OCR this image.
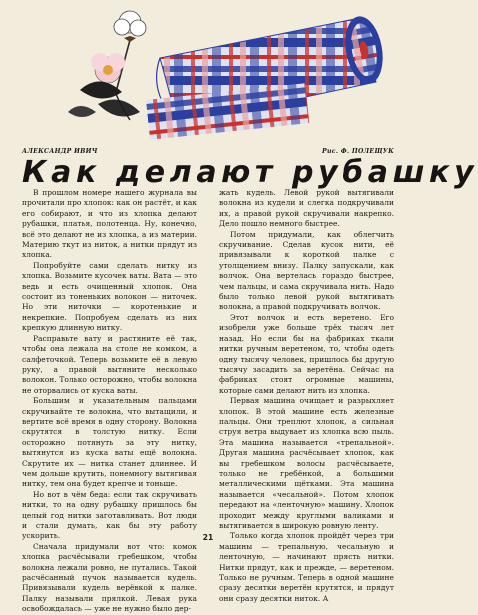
АЛЕКСАНДР ИВИЧ	Рис. Ф. ПОЛЕЩУК
Как делают рубашку

В прошлом номере нашего журнала вы прочитали про хлопок: как он растёт, и как его собирают, и что из хлопка делают рубашки, платья, полотенца. Ну, конечно, всё это делают не из хлопка, а из материи. Материю ткут из ниток, а нитки прядут из хлопка.

Попробуйте сами сделать нитку из хлопка. Возьмите кусочек ваты. Вата — это ведь и есть очищенный хлопок. Она состоит из тоненьких волокон — ниточек. Но эти ниточки — коротенькие и некрепкие. Попробуем сделать из них крепкую длинную нитку.

Расправьте вату и растяните её так, чтобы она лежала на столе не комком, а салфеточкой. Теперь возьмите её в левую руку, а правой вытяните несколько волокон. Только осторожно, чтобы волокна не оторвались от куска ваты.

Большим и указательным пальцами скручивайте те волокна, что вытащили, и вертите всё время в одну сторону. Волокна скрутятся в толстую нитку. Если осторожно потянуть за эту нитку, вытянутся из куска ваты ещё волокна. Скрутите их — нитка станет длиннее. И чем дольше крутить, понемногу вытягивая нитку, тем она будет крепче и тоньше.

Но вот в чём беда: если так скручивать нитки, то на одну рубашку пришлось бы целый год нитки заготавливать. Вот люди и стали думать, как бы эту работу ускорить.

Сначала придумали вот что: комок хлопка расчёсывали гребешком, чтобы волокна лежали ровно, не путались. Такой расчёсанный пучок называется кудель. Привязывали кудель верёвкой к палке. Палку называли прялкой. Левая рука освобождалась — уже не нужно было дер-

жать кудель. Левой рукой вытягивали волокна из кудели и слегка подкручивали их, а правой рукой скручивали накрепко. Дело пошло немного быстрее.

Потом придумали, как облегчить скручивание. Сделав кусок нити, её привязывали к короткой палке с утолщением внизу. Палку запускали, как волчок. Она вертелась гораздо быстрее, чем пальцы, и сама скручивала нить. Надо было только левой рукой вытягивать волокна, а правой подкручивать волчок.

Этот волчок и есть веретено. Его изобрели уже больше трёх тысяч лет назад. Но если бы на фабриках ткали нитки ручным веретеном, то, чтобы одеть одну тысячу человек, пришлось бы другую тысячу засадить за веретёна. Сейчас на фабриках стоят огромные машины, которые сами делают нить из хлопка.

Первая машина очищает и разрыхляет хлопок. В этой машине есть железные пальцы. Они треплют хлопок, а сильная струя ветра выдувает из хлопка всю пыль. Эта машина называется «трепальной». Другая машина расчёсывает хлопок, как вы гребешком волосы расчёсываете, только не гребёнкой, а большими металлическими щётками. Эта машина называется «чесальной». Потом хлопок передают на «ленточную» машину. Хлопок проходит между круглыми валиками и вытягивается в широкую ровную ленту.

Только когда хлопок пройдёт через три машины — трепальную, чесальную и ленточную, — начинают прясть нитки. Нитки прядут, как и прежде, — веретеном. Только не ручным. Теперь в одной машине сразу десятки веретён крутятся, и прядут они сразу десятки ниток. А

21
